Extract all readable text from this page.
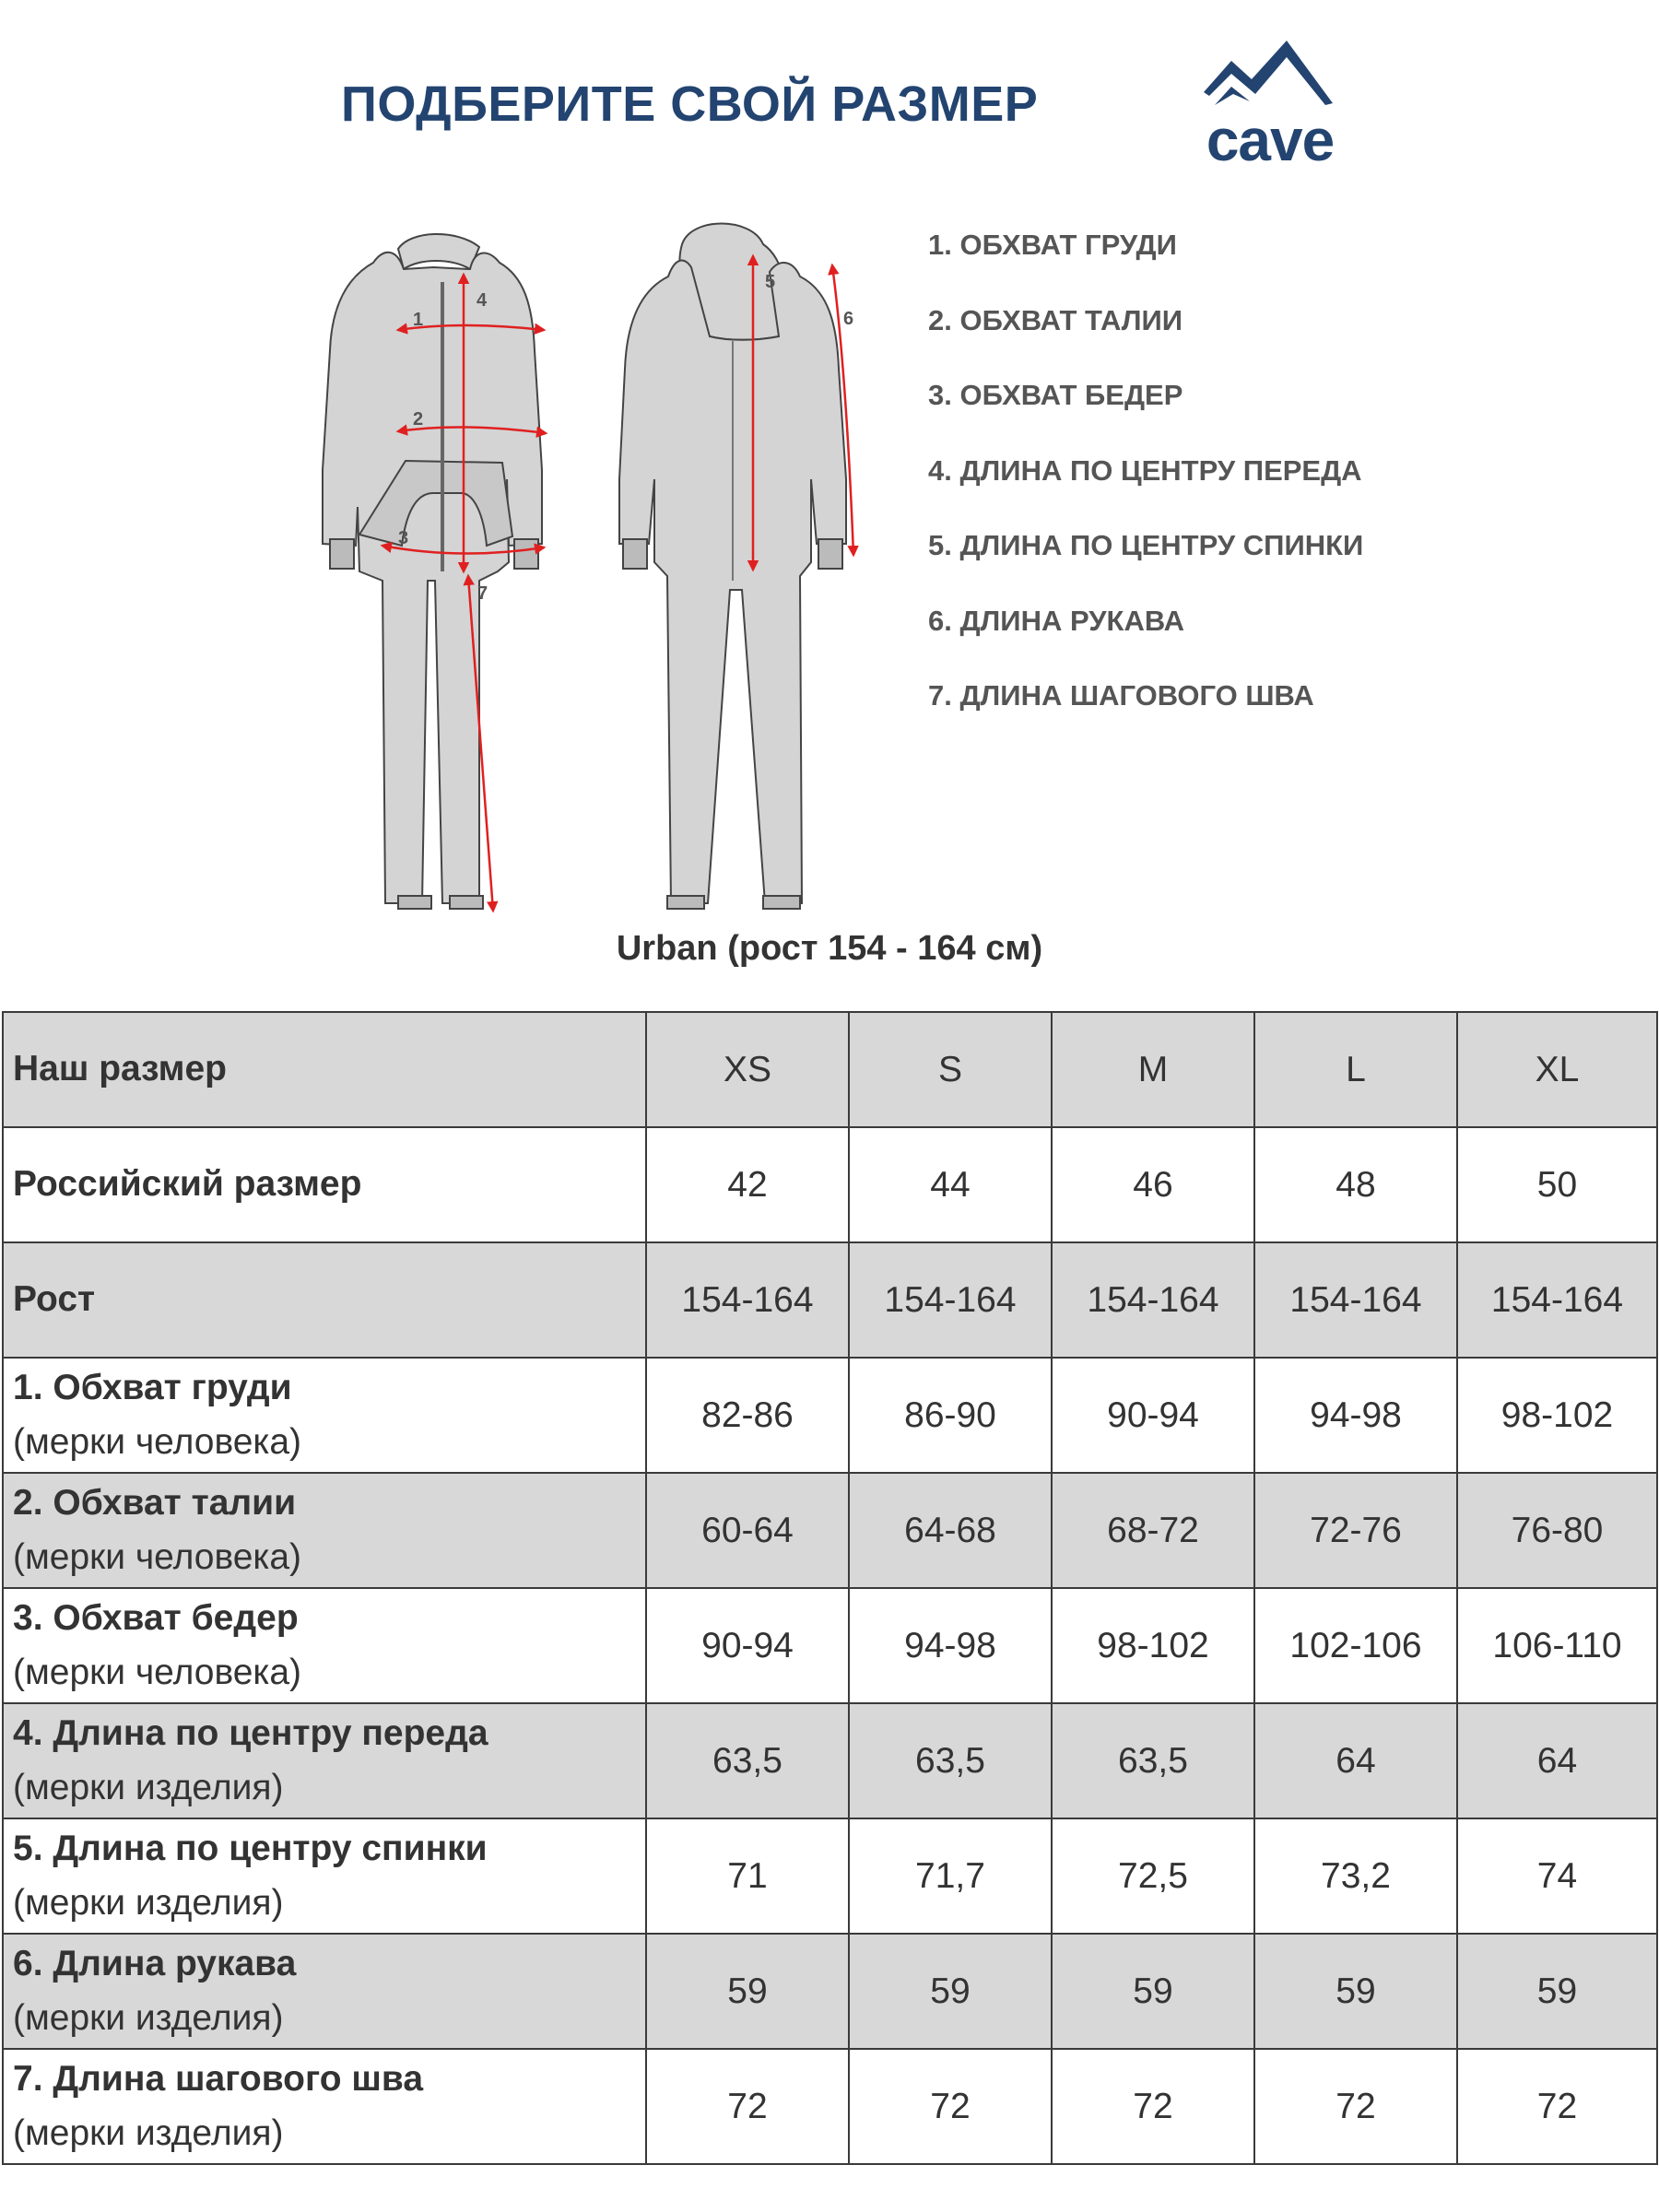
ПОДБЕРИТЕ СВОЙ РАЗМЕР
cave
1
2
3
4
7
5
6
1. ОБХВАТ ГРУДИ
2. ОБХВАТ ТАЛИИ
3. ОБХВАТ БЕДЕР
4. ДЛИНА ПО ЦЕНТРУ ПЕРЕДА
5. ДЛИНА ПО ЦЕНТРУ СПИНКИ
6. ДЛИНА РУКАВА
7. ДЛИНА ШАГОВОГО ШВА
Urban (рост 154 - 164 см)
Наш размер	XS	S	M	L	XL

Российский размер	42	44	46	48	50

Рост	154-164	154-164	154-164	154-164	154-164

1. Обхват груди
(мерки человека)	82-86	86-90	90-94	94-98	98-102

2. Обхват талии
(мерки человека)	60-64	64-68	68-72	72-76	76-80

3. Обхват бедер
(мерки человека)	90-94	94-98	98-102	102-106	106-110

4. Длина по центру переда
(мерки изделия)	63,5	63,5	63,5	64	64

5. Длина по центру спинки
(мерки изделия)	71	71,7	72,5	73,2	74

6. Длина рукава
(мерки изделия)	59	59	59	59	59

7. Длина шагового шва
(мерки изделия)	72	72	72	72	72
